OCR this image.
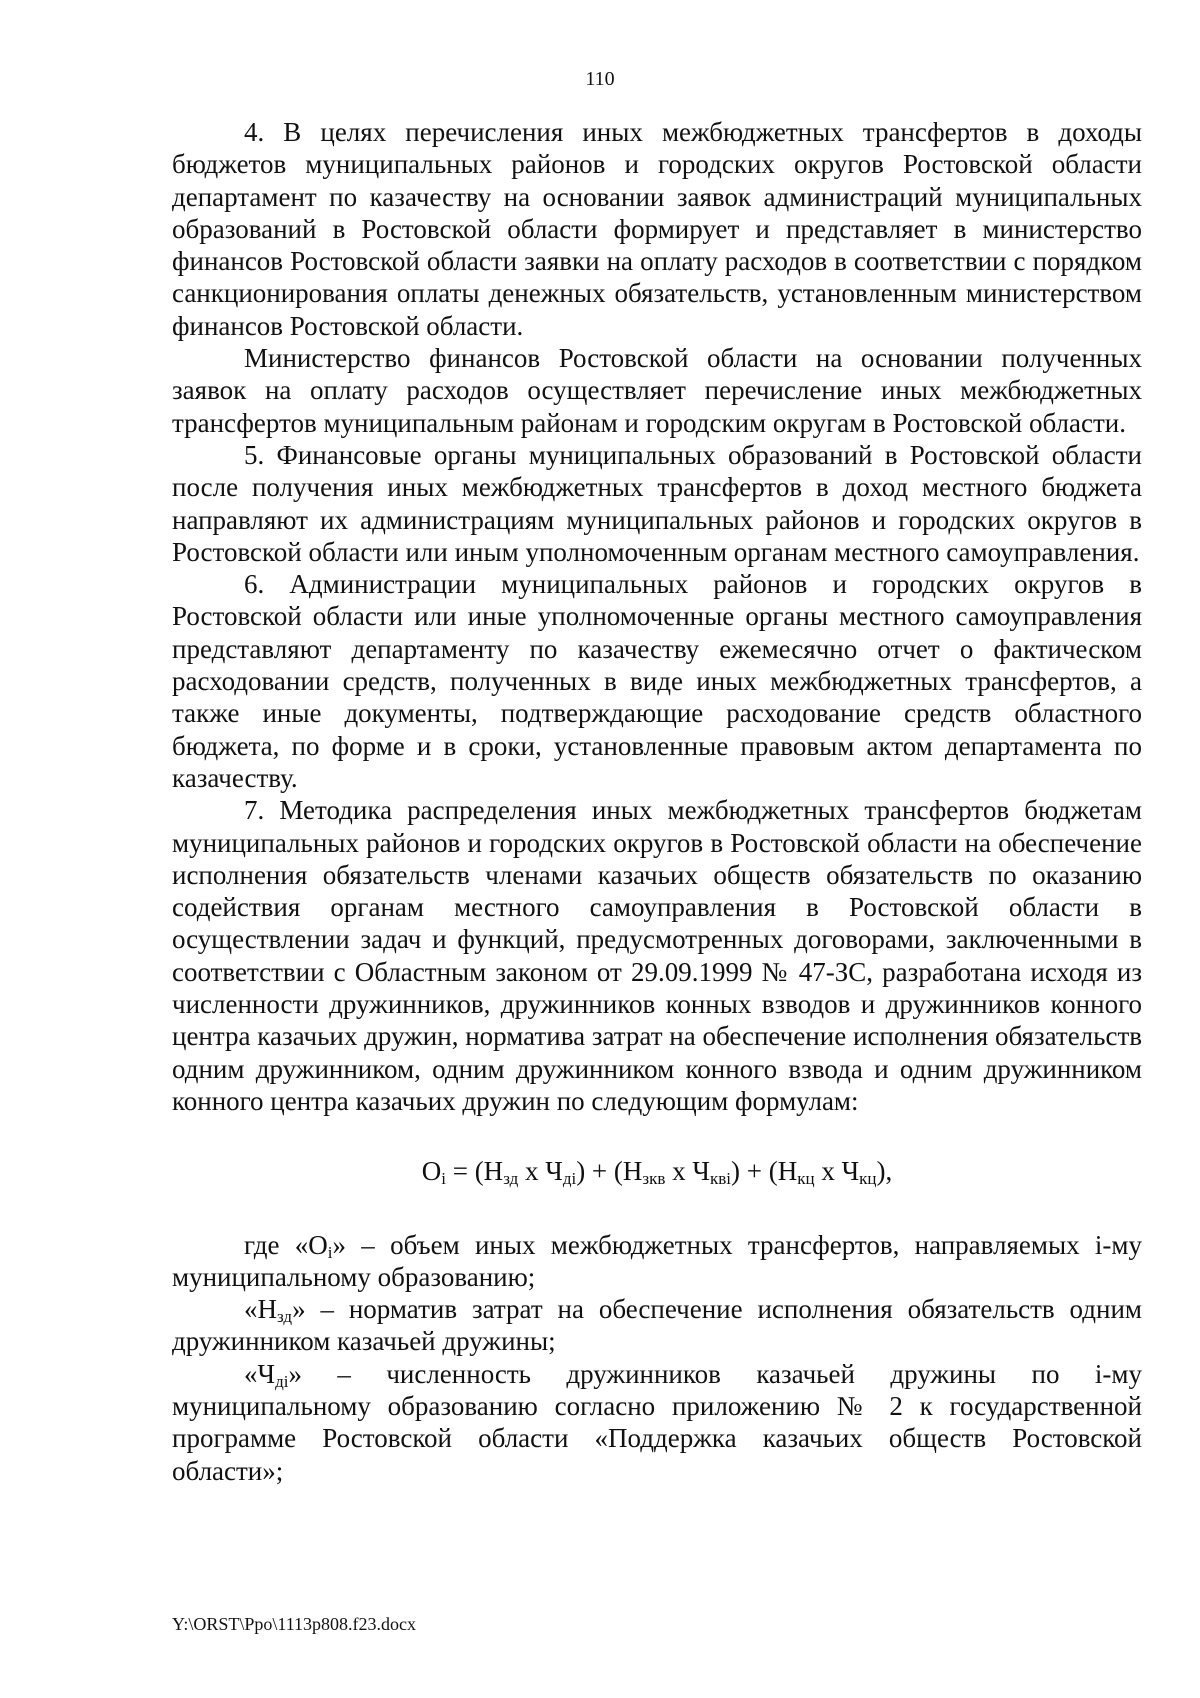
110

4. В целях перечисления иных межбюджетных трансфертов в доходы бюджетов муниципальных районов и городских округов Ростовской области департамент по казачеству на основании заявок администраций муниципальных образований в Ростовской области формирует и представляет в министерство финансов Ростовской области заявки на оплату расходов в соответствии с порядком санкционирования оплаты денежных обязательств, установленным министерством финансов Ростовской области.

Министерство финансов Ростовской области на основании полученных заявок на оплату расходов осуществляет перечисление иных межбюджетных трансфертов муниципальным районам и городским округам в Ростовской области.

5. Финансовые органы муниципальных образований в Ростовской области после получения иных межбюджетных трансфертов в доход местного бюджета направляют их администрациям муниципальных районов и городских округов в Ростовской области или иным уполномоченным органам местного самоуправления.

6. Администрации муниципальных районов и городских округов в Ростовской области или иные уполномоченные органы местного самоуправления представляют департаменту по казачеству ежемесячно отчет о фактическом расходовании средств, полученных в виде иных межбюджетных трансфертов, а также иные документы, подтверждающие расходование средств областного бюджета, по форме и в сроки, установленные правовым актом департамента по казачеству.

7. Методика распределения иных межбюджетных трансфертов бюджетам муниципальных районов и городских округов в Ростовской области на обеспечение исполнения обязательств членами казачьих обществ обязательств по оказанию содействия органам местного самоуправления в Ростовской области в осуществлении задач и функций, предусмотренных договорами, заключенными в соответствии с Областным законом от 29.09.1999 № 47-ЗС, разработана исходя из численности дружинников, дружинников конных взводов и дружинников конного центра казачьих дружин, норматива затрат на обеспечение исполнения обязательств одним дружинником, одним дружинником конного взвода и одним дружинником конного центра казачьих дружин по следующим формулам:

$O_i = (Н_{зд}$ х $Ч_{дi}) + (Н_{зкв}$ х $Ч_{квi}) + (Н_{кц}$ х $Ч_{кц}$),

где «Oi» – объем иных межбюджетных трансфертов, направляемых i-му муниципальному образованию;

«Нзд» – норматив затрат на обеспечение исполнения обязательств одним дружинником казачьей дружины;

«Чдi» – численность дружинников казачьей дружины по i-му муниципальному образованию согласно приложению № 2 к государственной программе Ростовской области «Поддержка казачьих обществ Ростовской области»;

Y:\ORST\Ppo\1113p808.f23.docx
